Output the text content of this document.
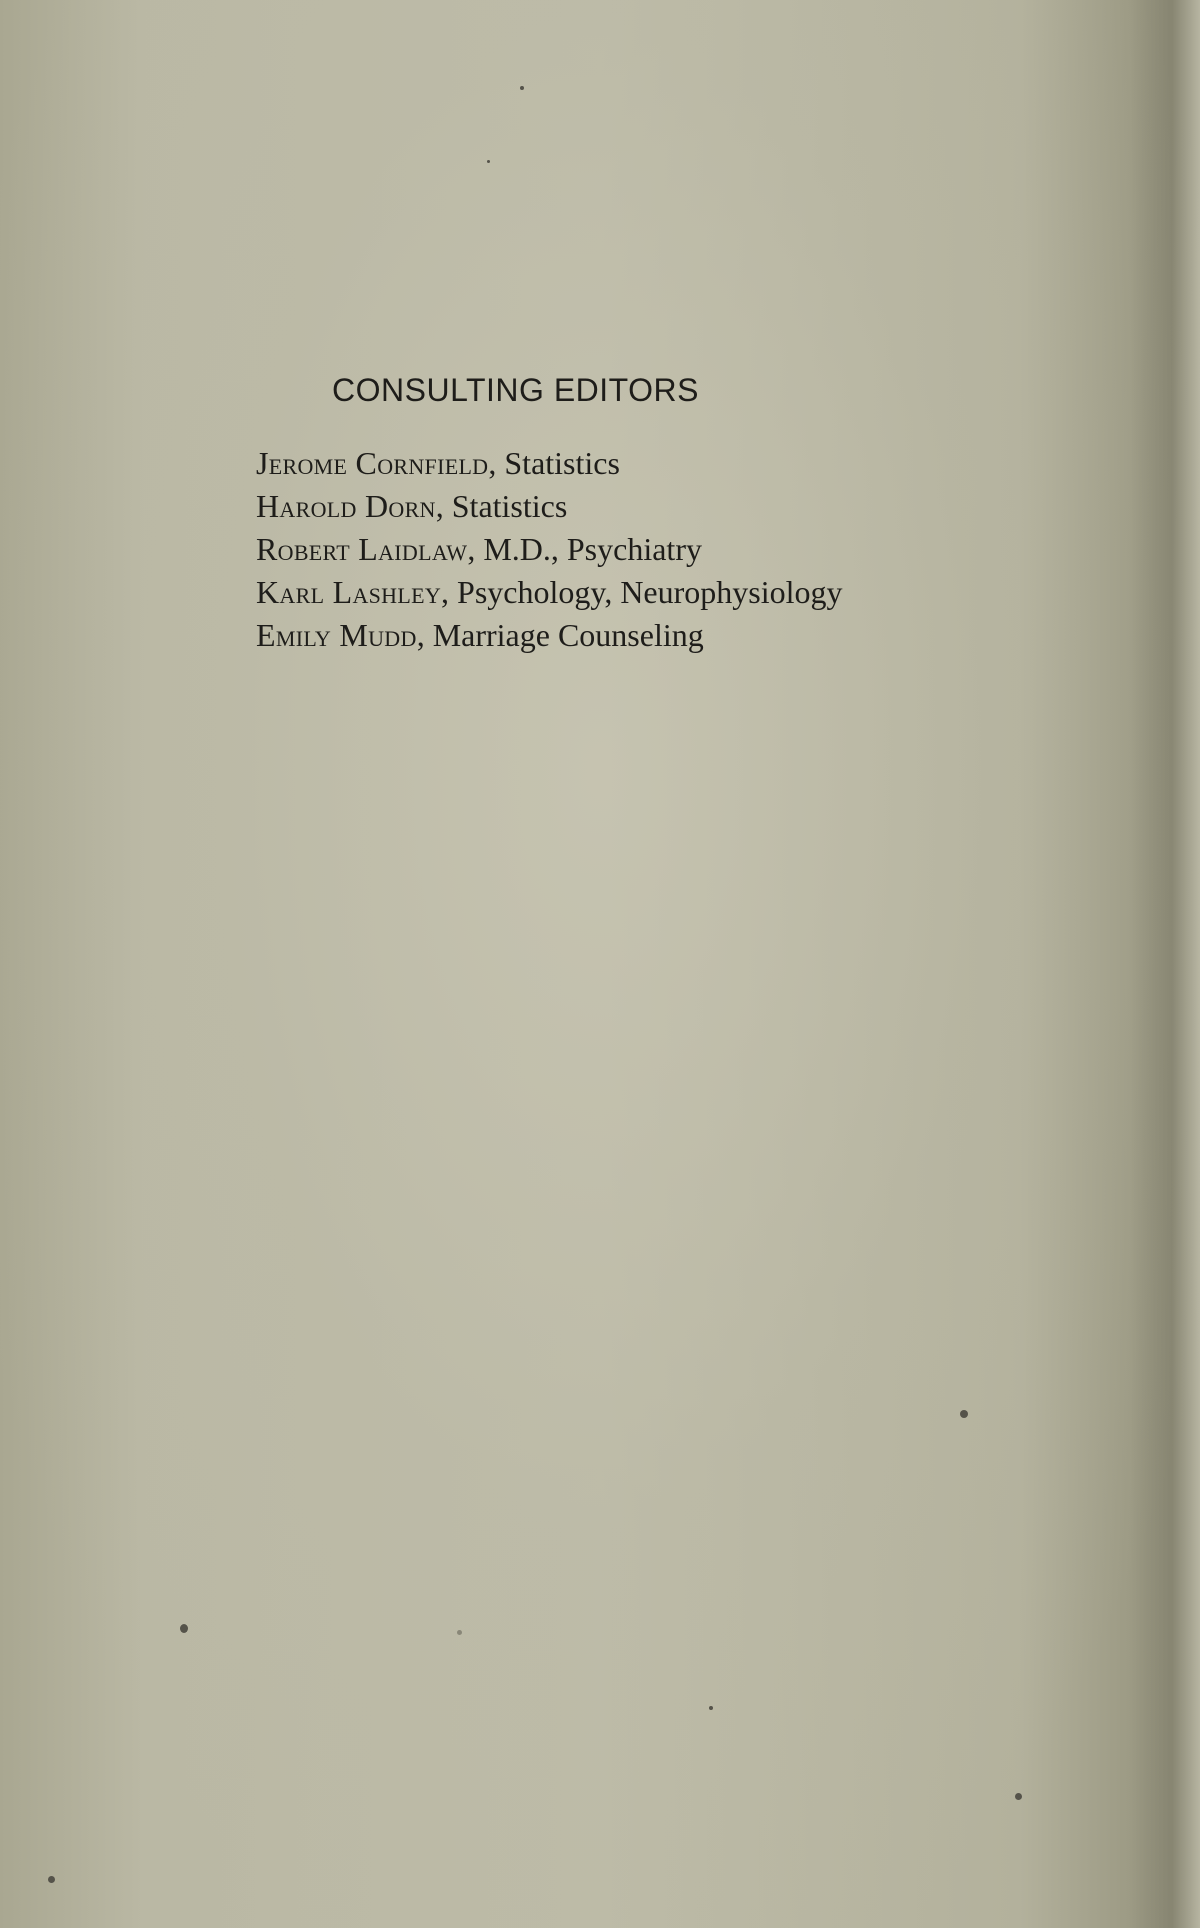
CONSULTING EDITORS
Jerome Cornfield, Statistics
Harold Dorn, Statistics
Robert Laidlaw, M.D., Psychiatry
Karl Lashley, Psychology, Neurophysiology
Emily Mudd, Marriage Counseling
